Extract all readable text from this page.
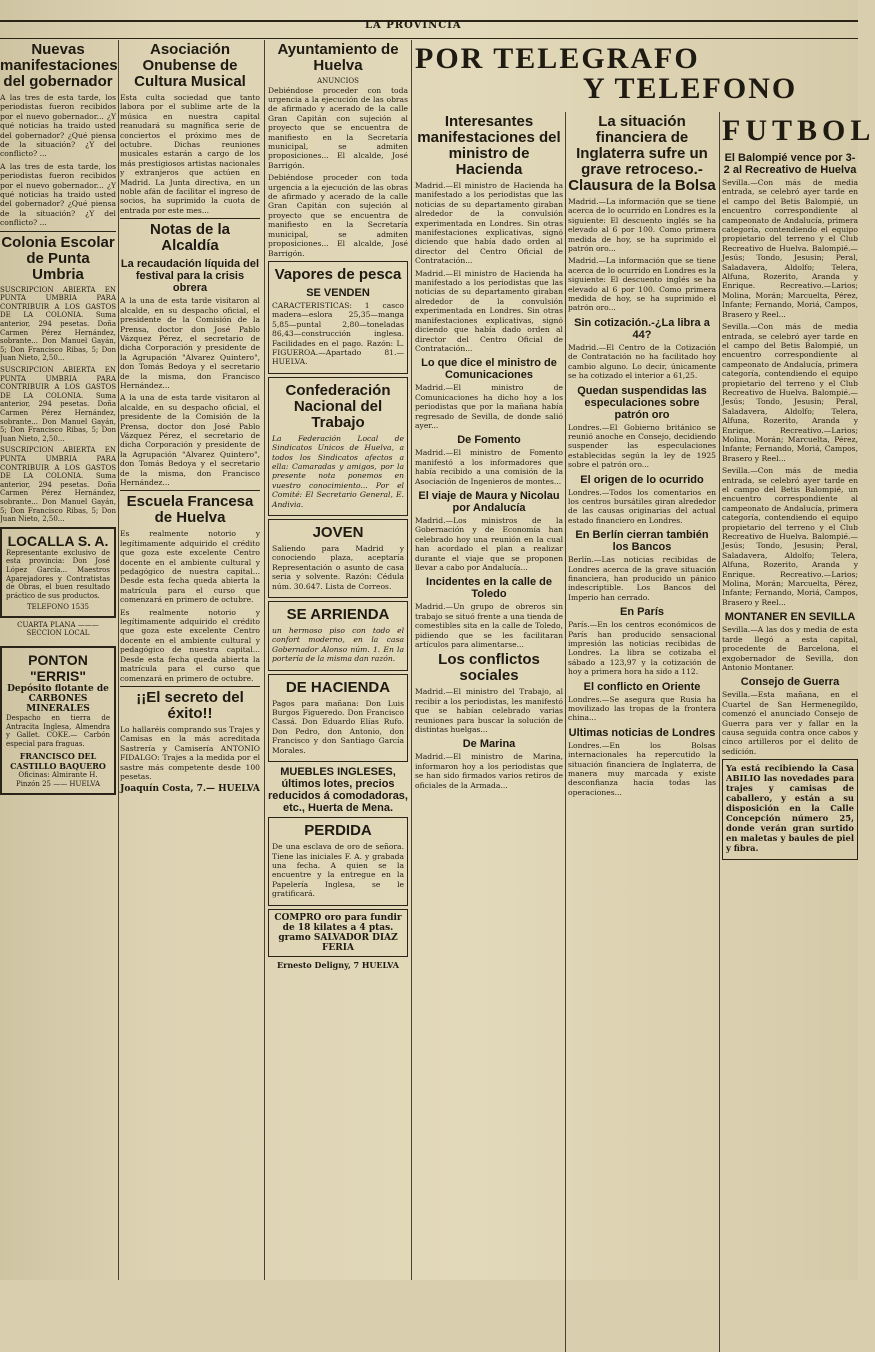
LA PROVINCIA
POR TELEGRAFO
Y TELEFONO
Nuevas manifestaciones del gobernador

A las tres de esta tarde, los periodistas fueron recibidos por el nuevo gobernador... ¿Y qué noticias ha traido usted del gobernador? ¿Qué piensa de la situación? ¿Y del conflicto? ...

A las tres de esta tarde, los periodistas fueron recibidos por el nuevo gobernador... ¿Y qué noticias ha traido usted del gobernador? ¿Qué piensa de la situación? ¿Y del conflicto? ...

Colonia Escolar de Punta Umbria

SUSCRIPCION ABIERTA EN PUNTA UMBRIA PARA CONTRIBUIR A LOS GASTOS DE LA COLONIA. Suma anterior, 294 pesetas. Doña Carmen Pérez Hernández, sobrante... Don Manuel Gayán, 5; Don Francisco Ribas, 5; Don Juan Nieto, 2,50...

SUSCRIPCION ABIERTA EN PUNTA UMBRIA PARA CONTRIBUIR A LOS GASTOS DE LA COLONIA. Suma anterior, 294 pesetas. Doña Carmen Pérez Hernández, sobrante... Don Manuel Gayán, 5; Don Francisco Ribas, 5; Don Juan Nieto, 2,50...

SUSCRIPCION ABIERTA EN PUNTA UMBRIA PARA CONTRIBUIR A LOS GASTOS DE LA COLONIA. Suma anterior, 294 pesetas. Doña Carmen Pérez Hernández, sobrante... Don Manuel Gayán, 5; Don Francisco Ribas, 5; Don Juan Nieto, 2,50...

LOCALLA S. A.

Representante exclusivo de esta provincia: Don José López García... Maestros Aparejadores y Contratistas de Obras, el buen resultado práctico de sus productos.

TELEFONO 1535
CUARTA PLANA ——— SECCION LOCAL
PONTON "ERRIS"
Depósito flotante de CARBONES MINERALES

Despacho en tierra de Antracita Inglesa, Almendra y Gallet. COKE.— Carbón especial para fraguas.

FRANCISCO DEL CASTILLO BAQUERO
Oficinas: Almirante H. Pinzón 25 —— HUELVA
Asociación Onubense de Cultura Musical

Esta culta sociedad que tanto labora por el sublime arte de la música en nuestra capital reanudará su magnífica serie de conciertos el próximo mes de octubre. Dichas reuniones musicales estarán a cargo de los más prestigiosos artistas nacionales y extranjeros que actúen en Madrid. La Junta directiva, en un noble afán de facilitar el ingreso de socios, ha suprimido la cuota de entrada por este mes...

Notas de la Alcaldía
La recaudación líquida del festival para la crisis obrera

A la una de esta tarde visitaron al alcalde, en su despacho oficial, el presidente de la Comisión de la Prensa, doctor don José Pablo Vázquez Pérez, el secretario de dicha Corporación y presidente de la Agrupación "Alvarez Quintero", don Tomás Bedoya y el secretario de la misma, don Francisco Hernández...

A la una de esta tarde visitaron al alcalde, en su despacho oficial, el presidente de la Comisión de la Prensa, doctor don José Pablo Vázquez Pérez, el secretario de dicha Corporación y presidente de la Agrupación "Alvarez Quintero", don Tomás Bedoya y el secretario de la misma, don Francisco Hernández...

Escuela Francesa de Huelva

Es realmente notorio y legítimamente adquirido el crédito que goza este excelente Centro docente en el ambiente cultural y pedagógico de nuestra capital... Desde esta fecha queda abierta la matrícula para el curso que comenzará en primero de octubre.

Es realmente notorio y legítimamente adquirido el crédito que goza este excelente Centro docente en el ambiente cultural y pedagógico de nuestra capital... Desde esta fecha queda abierta la matrícula para el curso que comenzará en primero de octubre.

¡¡El secreto del éxito!!

Lo hallaréis comprando sus Trajes y Camisas en la más acreditada Sastrería y Camisería ANTONIO FIDALGO: Trajes a la medida por el sastre más competente desde 100 pesetas.

Joaquín Costa, 7.— HUELVA
Ayuntamiento de Huelva
ANUNCIOS

Debiéndose proceder con toda urgencia a la ejecución de las obras de afirmado y acerado de la calle Gran Capitán con sujeción al proyecto que se encuentra de manifiesto en la Secretaría municipal, se admiten proposiciones... El alcalde, José Barrigón.

Debiéndose proceder con toda urgencia a la ejecución de las obras de afirmado y acerado de la calle Gran Capitán con sujeción al proyecto que se encuentra de manifiesto en la Secretaría municipal, se admiten proposiciones... El alcalde, José Barrigón.

Vapores de pesca
SE VENDEN

CARACTERISTICAS: 1 casco madera—eslora 25,35—manga 5,85—puntal 2,80—toneladas 86,43—construcción inglesa. Facilidades en el pago. Razón: L. FIGUEROA.—Apartado 81.—HUELVA.

Confederación Nacional del Trabajo

La Federación Local de Sindicatos Unicos de Huelva, a todos los Sindicatos afectos a ella: Camaradas y amigos, por la presente nota ponemos en vuestro conocimiento... Por el Comité: El Secretario General, E. Andivia.

JOVEN

Saliendo para Madrid y conociendo plaza, aceptaría Representación o asunto de casa seria y solvente. Razón: Cédula núm. 30.647. Lista de Correos.

SE ARRIENDA

un hermoso piso con todo el confort moderno, en la casa Gobernador Alonso núm. 1. En la portería de la misma dan razón.

DE HACIENDA

Pagos para mañana: Don Luis Burgos Figueredo. Don Francisco Cassá. Don Eduardo Elías Rufo. Don Pedro, don Antonio, don Francisco y don Santiago García Morales.

MUEBLES INGLESES, últimos lotes, precios reducidos á comodadoras, etc., Huerta de Mena.
PERDIDA

De una esclava de oro de señora. Tiene las iniciales F. A. y grabada una fecha. A quien se la encuentre y la entregue en la Papelería Inglesa, se le gratificará.

COMPRO oro para fundir de 18 kilates a 4 ptas. gramo SALVADOR DIAZ FERIA
Ernesto Deligny, 7 HUELVA
Interesantes manifestaciones del ministro de Hacienda

Madrid.—El ministro de Hacienda ha manifestado a los periodistas que las noticias de su departamento giraban alrededor de la convulsión experimentada en Londres. Sin otras manifestaciones explicativas, signó diciendo que había dado orden al director del Centro Oficial de Contratación...

Madrid.—El ministro de Hacienda ha manifestado a los periodistas que las noticias de su departamento giraban alrededor de la convulsión experimentada en Londres. Sin otras manifestaciones explicativas, signó diciendo que había dado orden al director del Centro Oficial de Contratación...

Lo que dice el ministro de Comunicaciones

Madrid.—El ministro de Comunicaciones ha dicho hoy a los periodistas que por la mañana había regresado de Sevilla, de donde salió ayer...

De Fomento

Madrid.—El ministro de Fomento manifestó a los informadores que había recibido a una comisión de la Asociación de Ingenieros de montes...

El viaje de Maura y Nicolau por Andalucía

Madrid.—Los ministros de la Gobernación y de Economía han celebrado hoy una reunión en la cual han acordado el plan a realizar durante el viaje que se proponen llevar a cabo por Andalucía...

Incidentes en la calle de Toledo

Madrid.—Un grupo de obreros sin trabajo se situó frente a una tienda de comestibles sita en la calle de Toledo, pidiendo que se les facilitaran artículos para alimentarse...

Los conflictos sociales

Madrid.—El ministro del Trabajo, al recibir a los periodistas, les manifestó que se habían celebrado varias reuniones para buscar la solución de distintas huelgas...

De Marina

Madrid.—El ministro de Marina, informaron hoy a los periodistas que se han sido firmados varios retiros de oficiales de la Armada...

La situación financiera de Inglaterra sufre un grave retroceso.-Clausura de la Bolsa

Madrid.—La información que se tiene acerca de lo ocurrido en Londres es la siguiente: El descuento inglés se ha elevado al 6 por 100. Como primera medida de hoy, se ha suprimido el patrón oro...

Madrid.—La información que se tiene acerca de lo ocurrido en Londres es la siguiente: El descuento inglés se ha elevado al 6 por 100. Como primera medida de hoy, se ha suprimido el patrón oro...

Sin cotización.-¿La libra a 44?

Madrid.—El Centro de la Cotización de Contratación no ha facilitado hoy cambio alguno. Lo decir, únicamente se ha cotizado el interior a 61,25.

Quedan suspendidas las especulaciones sobre patrón oro

Londres.—El Gobierno británico se reunió anoche en Consejo, decidiendo suspender las especulaciones establecidas según la ley de 1925 sobre el patrón oro...

El origen de lo ocurrido

Londres.—Todos los comentarios en los centros bursátiles giran alrededor de las causas originarias del actual estado financiero en Londres.

En Berlín cierran también los Bancos

Berlín.—Las noticias recibidas de Londres acerca de la grave situación financiera, han producido un pánico indescriptible. Los Bancos del Imperio han cerrado.

En París

París.—En los centros económicos de París han producido sensacional impresión las noticias recibidas de Londres. La libra se cotizaba el sábado a 123,97 y la cotización de hoy a primera hora ha sido a 112.

El conflicto en Oriente

Londres.—Se asegura que Rusia ha movilizado las tropas de la frontera china...

Ultimas noticias de Londres

Londres.—En los Bolsas internacionales ha repercutido la situación financiera de Inglaterra, de manera muy marcada y existe desconfianza hacia todas las operaciones...

FUTBOL
El Balompié vence por 3-2 al Recreativo de Huelva

Sevilla.—Con más de media entrada, se celebró ayer tarde en el campo del Betis Balompié, un encuentro correspondiente al campeonato de Andalucía, primera categoría, contendiendo el equipo propietario del terreno y el Club Recreativo de Huelva. Balompié.—Jesús; Tondo, Jesusin; Peral, Saladavera, Aldolfo; Telera, Alfuna, Rozerito, Aranda y Enrique. Recreativo.—Larios; Molina, Morán; Marcuelta, Pérez, Infante; Fernando, Moriá, Campos, Brasero y Reel...

Sevilla.—Con más de media entrada, se celebró ayer tarde en el campo del Betis Balompié, un encuentro correspondiente al campeonato de Andalucía, primera categoría, contendiendo el equipo propietario del terreno y el Club Recreativo de Huelva. Balompié.—Jesús; Tondo, Jesusin; Peral, Saladavera, Aldolfo; Telera, Alfuna, Rozerito, Aranda y Enrique. Recreativo.—Larios; Molina, Morán; Marcuelta, Pérez, Infante; Fernando, Moriá, Campos, Brasero y Reel...

Sevilla.—Con más de media entrada, se celebró ayer tarde en el campo del Betis Balompié, un encuentro correspondiente al campeonato de Andalucía, primera categoría, contendiendo el equipo propietario del terreno y el Club Recreativo de Huelva. Balompié.—Jesús; Tondo, Jesusin; Peral, Saladavera, Aldolfo; Telera, Alfuna, Rozerito, Aranda y Enrique. Recreativo.—Larios; Molina, Morán; Marcuelta, Pérez, Infante; Fernando, Moriá, Campos, Brasero y Reel...

MONTANER EN SEVILLA

Sevilla.—A las dos y media de esta tarde llegó a esta capital, procedente de Barcelona, el exgobernador de Sevilla, don Antonio Montaner.

Consejo de Guerra

Sevilla.—Esta mañana, en el Cuartel de San Hermenegildo, comenzó el anunciado Consejo de Guerra para ver y fallar en la causa seguida contra once cabos y cinco artilleros por el delito de sedición.

Ya está recibiendo la Casa ABILIO las novedades para trajes y camisas de caballero, y están a su disposición en la Calle Concepción número 25, donde verán gran surtido en maletas y baules de piel y fibra.
